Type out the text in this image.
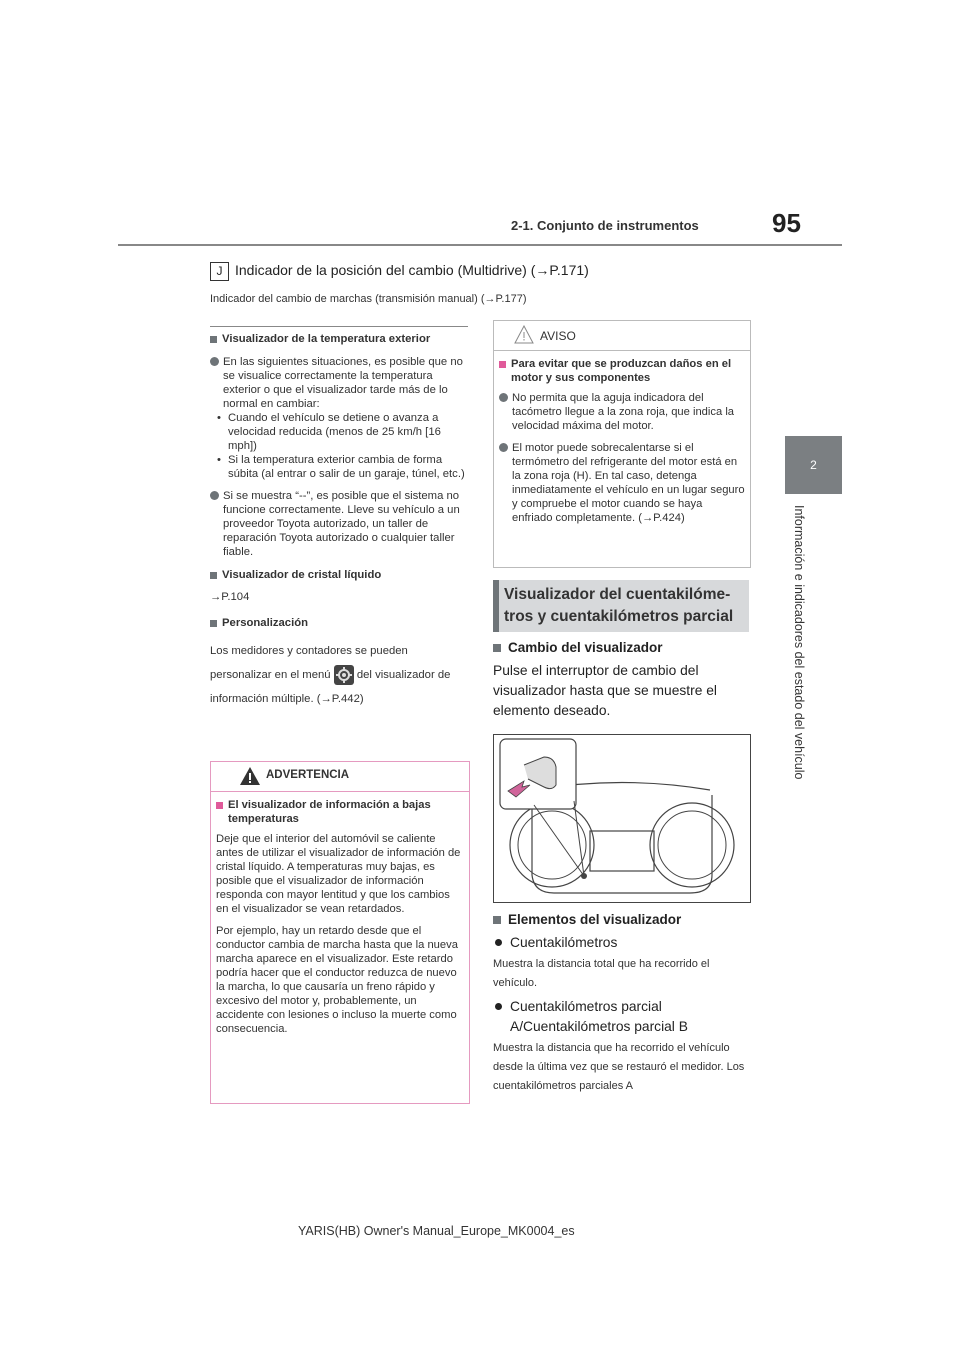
2-1. Conjunto de instrumentos	95
2
Información e indicadores del estado del vehículo
J Indicador de la posición del cambio (Multidrive) (→P.171)
Indicador del cambio de marchas (transmisión manual) (→P.177)
Visualizador de la temperatura exterior
En las siguientes situaciones, es posible que no se visualice correctamente la temperatura exterior o que el visualizador tarde más de lo normal en cambiar:
• Cuando el vehículo se detiene o avanza a velocidad reducida (menos de 25 km/h [16 mph])
• Si la temperatura exterior cambia de forma súbita (al entrar o salir de un garaje, túnel, etc.)
Si se muestra “--”, es posible que el sistema no funcione correctamente. Lleve su vehículo a un proveedor Toyota autorizado, un taller de reparación Toyota autorizado o cualquier taller fiable.
Visualizador de cristal líquido
→P.104
Personalización
Los medidores y contadores se pueden personalizar en el menú del visualizador de información múltiple. (→P.442)
ADVERTENCIA
El visualizador de información a bajas temperaturas
Deje que el interior del automóvil se caliente antes de utilizar el visualizador de información de cristal líquido. A temperaturas muy bajas, es posible que el visualizador de información responda con mayor lentitud y que los cambios en el visualizador se vean retardados.
Por ejemplo, hay un retardo desde que el conductor cambia de marcha hasta que la nueva marcha aparece en el visualizador. Este retardo podría hacer que el conductor reduzca de nuevo la marcha, lo que causaría un freno rápido y excesivo del motor y, probablemente, un accidente con lesiones o incluso la muerte como consecuencia.
AVISO
Para evitar que se produzcan daños en el motor y sus componentes
No permita que la aguja indicadora del tacómetro llegue a la zona roja, que indica la velocidad máxima del motor.
El motor puede sobrecalentarse si el termómetro del refrigerante del motor está en la zona roja (H). En tal caso, detenga inmediatamente el vehículo en un lugar seguro y compruebe el motor cuando se haya enfriado completamente. (→P.424)
Visualizador del cuentakilóme-
tros y cuentakilómetros parcial
Cambio del visualizador
Pulse el interruptor de cambio del visualizador hasta que se muestre el elemento deseado.
Elementos del visualizador
Cuentakilómetros
Muestra la distancia total que ha recorrido el vehículo.
Cuentakilómetros parcial A/Cuentakilómetros parcial B
Muestra la distancia que ha recorrido el vehículo desde la última vez que se restauró el medidor. Los cuentakilómetros parciales A
YARIS(HB) Owner's Manual_Europe_MK0004_es
